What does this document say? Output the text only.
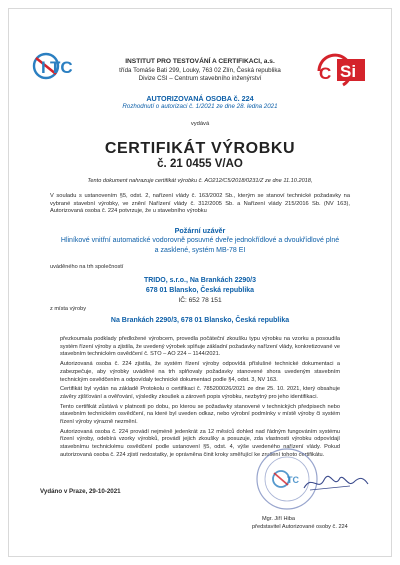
I TC	Si
C
INSTITUT PRO TESTOVÁNÍ A CERTIFIKACI, a.s.
třída Tomáše Bati 299, Louky, 763 02 Zlín, Česká republika
Divize CSI – Centrum stavebního inženýrství
AUTORIZOVANÁ OSOBA č. 224
Rozhodnutí o autorizaci č. 1/2021 ze dne 28. ledna 2021
vydává
CERTIFIKÁT VÝROBKU
č. 21 0455 V/AO
Tento dokument nahrazuje certifikát výrobku č. AO212/C5/2018/0231/Z ze dne 11.10.2018,
V souladu s ustanovením §5, odst. 2, nařízení vlády č. 163/2002 Sb., kterým se stanoví technické požadavky na vybrané stavební výrobky, ve znění Nařízení vlády č. 312/2005 Sb. a Nařízení vlády 215/2016 Sb. (NV 163), Autorizovaná osoba č. 224 potvrzuje, že u stavebního výrobku
Požární uzávěr
Hliníkové vnitřní automatické vodorovně posuvné dveře jednokřídlové a dvoukřídlové plné a zasklené, systém MB-78 EI
uváděného na trh společností
TRIDO, s.r.o., Na Brankách 2290/3
678 01 Blansko, Česká republika
IČ: 652 78 151
z místa výroby
Na Brankách 2290/3, 678 01 Blansko, Česká republika

přezkoumala podklady předložené výrobcem, provedla počáteční zkoušku typu výrobku na vzorku a posoudila systém řízení výroby a zjistila, že uvedený výrobek splňuje základní požadavky nařízení vlády, konkretizované ve stavebním technickém osvědčení č. STO – AO 224 – 1144/2021.

Autorizovaná osoba č. 224 zjistila, že systém řízení výroby odpovídá příslušné technické dokumentaci a zabezpečuje, aby výrobky uváděné na trh splňovaly požadavky stanovené shora uvedeným stavebním technickým osvědčením a odpovídaly technické dokumentaci podle §4, odst. 3, NV 163.

Certifikát byl vydán na základě Protokolu o certifikaci č. 785200026/2021 ze dne 25. 10. 2021, který obsahuje závěry zjišťování a ověřování, výsledky zkoušek a zároveň popis výrobku, nezbytný pro jeho identifikaci.

Tento certifikát zůstává v platnosti po dobu, po kterou se požadavky stanovené v technických předpisech nebo stavebním technickém osvědčení, na které byl uveden odkaz, nebo výrobní podmínky v místě výroby či systém řízení výroby výrazně nezmění.

Autorizovaná osoba č. 224 provádí nejméně jedenkrát za 12 měsíců dohled nad řádným fungováním systému řízení výroby, odebírá vzorky výrobků, provádí jejich zkoušky a posuzuje, zda vlastnosti výrobku odpovídají stavebnímu technickému osvědčení podle ustanovení §5, odst. 4, výše uvedeného nařízení vlády. Pokud autorizovaná osoba č. 224 zjistí nedostatky, je oprávněna činit kroky směřující ke zrušení tohoto certifikátu.

Vydáno v Praze, 29-10-2021
TC
Mgr. Jiří Hiba
představitel Autorizované osoby č. 224
